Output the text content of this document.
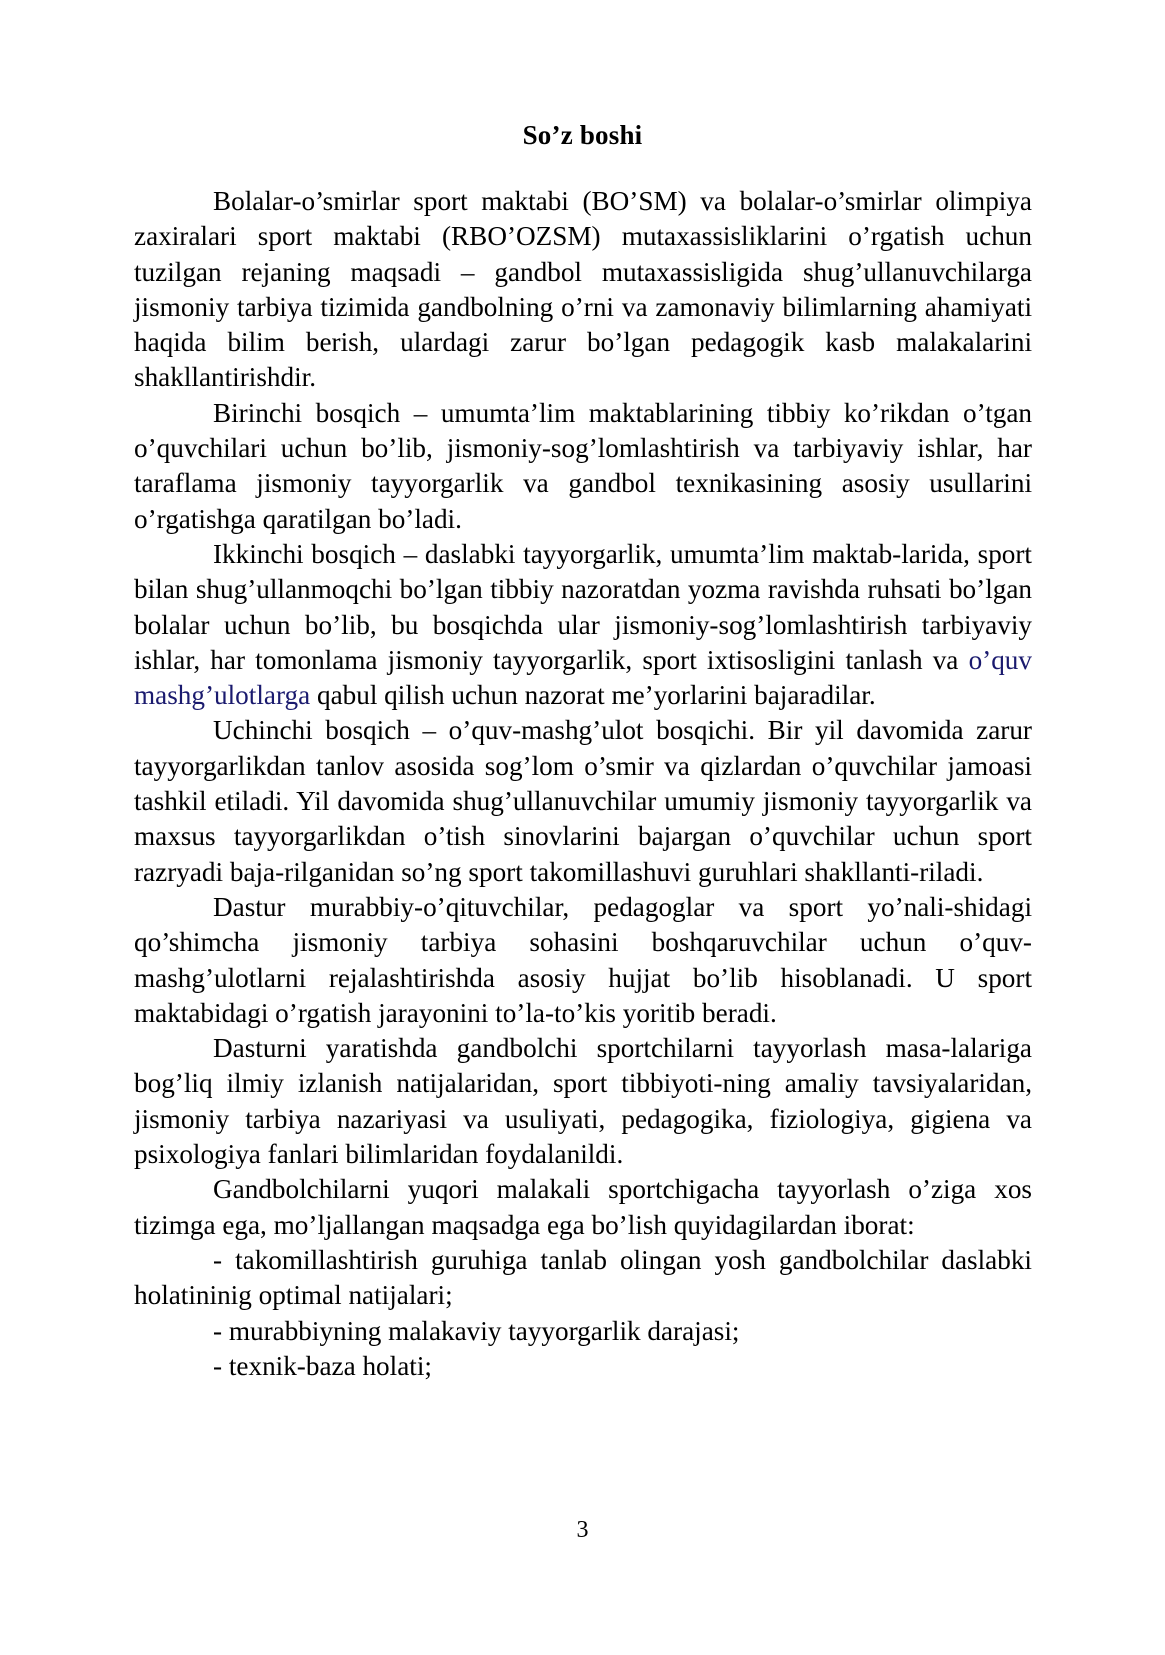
So’z boshi

Bolalar-o’smirlar sport maktabi (BO’SM) va bolalar-o’smirlar olimpiya zaxiralari sport maktabi (RBO’OZSM) mutaxassisliklarini o’rgatish uchun tuzilgan rejaning maqsadi – gandbol mutaxassisligida shug’ullanuvchilarga jismoniy tarbiya tizimida gandbolning o’rni va zamonaviy bilimlarning ahamiyati haqida bilim berish, ulardagi zarur bo’lgan pedagogik kasb malakalarini shakllantirishdir.

Birinchi bosqich – umumta’lim maktablarining tibbiy ko’rikdan o’tgan o’quvchilari uchun bo’lib, jismoniy-sog’lomlashtirish va tarbiyaviy ishlar, har taraflama jismoniy tayyorgarlik va gandbol texnikasining asosiy usullarini o’rgatishga qaratilgan bo’ladi.

Ikkinchi bosqich – daslabki tayyorgarlik, umumta’lim maktab-larida, sport bilan shug’ullanmoqchi bo’lgan tibbiy nazoratdan yozma ravishda ruhsati bo’lgan bolalar uchun bo’lib, bu bosqichda ular jismoniy-sog’lomlashtirish tarbiyaviy ishlar, har tomonlama jismoniy tayyorgarlik, sport ixtisosligini tanlash va o’quv mashg’ulotlarga qabul qilish uchun nazorat me’yorlarini bajaradilar.

Uchinchi bosqich – o’quv-mashg’ulot bosqichi. Bir yil davomida zarur tayyorgarlikdan tanlov asosida sog’lom o’smir va qizlardan o’quvchilar jamoasi tashkil etiladi. Yil davomida shug’ullanuvchilar umumiy jismoniy tayyorgarlik va maxsus tayyorgarlikdan o’tish sinovlarini bajargan o’quvchilar uchun sport razryadi baja-rilganidan so’ng sport takomillashuvi guruhlari shakllanti-riladi.

Dastur murabbiy-o’qituvchilar, pedagoglar va sport yo’nali-shidagi qo’shimcha jismoniy tarbiya sohasini boshqaruvchilar uchun o’quv-mashg’ulotlarni rejalashtirishda asosiy hujjat bo’lib hisoblanadi. U sport maktabidagi o’rgatish jarayonini to’la-to’kis yoritib beradi.

Dasturni yaratishda gandbolchi sportchilarni tayyorlash masa-lalariga bog’liq ilmiy izlanish natijalaridan, sport tibbiyoti-ning amaliy tavsiyalaridan, jismoniy tarbiya nazariyasi va usuliyati, pedagogika, fiziologiya, gigiena va psixologiya fanlari bilimlaridan foydalanildi.

Gandbolchilarni yuqori malakali sportchigacha tayyorlash o’ziga xos tizimga ega, mo’ljallangan maqsadga ega bo’lish quyidagilardan iborat:

- takomillashtirish guruhiga tanlab olingan yosh gandbolchilar daslabki holatininig optimal natijalari;

- murabbiyning malakaviy tayyorgarlik darajasi;

- texnik-baza holati;

3
